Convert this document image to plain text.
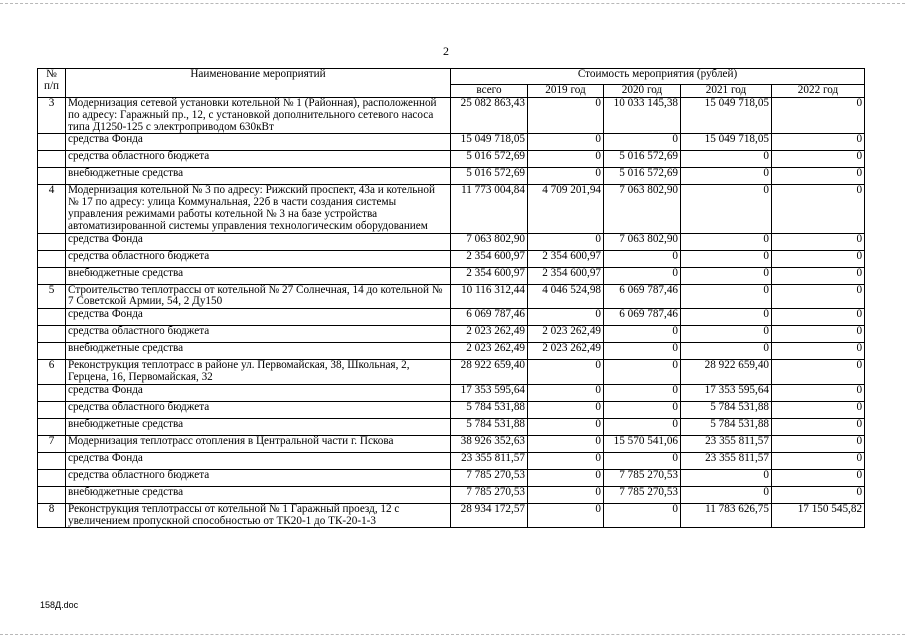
2
№
п/п	Наименование мероприятий	Стоимость мероприятия (рублей)				
		всего	2019 год	2020 год	2021 год	2022 год
3	Модернизация сетевой установки котельной № 1 (Районная), расположенной по адресу: Гаражный пр., 12, с установкой дополнительного сетевого насоса типа Д1250-125 с электроприводом 630кВт	25 082 863,43	0	10 033 145,38	15 049 718,05	0
	средства Фонда	15 049 718,05	0	0	15 049 718,05	0
	средства областного бюджета	5 016 572,69	0	5 016 572,69	0	0
	внебюджетные средства	5 016 572,69	0	5 016 572,69	0	0
4	Модернизация котельной № 3 по адресу: Рижский проспект, 43а и котельной № 17 по адресу: улица Коммунальная, 22б в части создания системы управления режимами работы котельной № 3 на базе устройства автоматизированной системы управления технологическим оборудованием	11 773 004,84	4 709 201,94	7 063 802,90	0	0
	средства Фонда	7 063 802,90	0	7 063 802,90	0	0
	средства областного бюджета	2 354 600,97	2 354 600,97	0	0	0
	внебюджетные средства	2 354 600,97	2 354 600,97	0	0	0
5	Строительство теплотрассы от котельной № 27 Солнечная, 14 до котельной № 7 Советской Армии, 54, 2 Ду150	10 116 312,44	4 046 524,98	6 069 787,46	0	0
	средства Фонда	6 069 787,46	0	6 069 787,46	0	0
	средства областного бюджета	2 023 262,49	2 023 262,49	0	0	0
	внебюджетные средства	2 023 262,49	2 023 262,49	0	0	0
6	Реконструкция теплотрасс в районе ул. Первомайская, 38, Школьная, 2, Герцена, 16, Первомайская, 32	28 922 659,40	0	0	28 922 659,40	0
	средства Фонда	17 353 595,64	0	0	17 353 595,64	0
	средства областного бюджета	5 784 531,88	0	0	5 784 531,88	0
	внебюджетные средства	5 784 531,88	0	0	5 784 531,88	0
7	Модернизация теплотрасс отопления в Центральной части г. Пскова	38 926 352,63	0	15 570 541,06	23 355 811,57	0
	средства Фонда	23 355 811,57	0	0	23 355 811,57	0
	средства областного бюджета	7 785 270,53	0	7 785 270,53	0	0
	внебюджетные средства	7 785 270,53	0	7 785 270,53	0	0
8	Реконструкция теплотрассы от котельной № 1 Гаражный проезд, 12 с увеличением пропускной способностью от ТК20-1 до ТК-20-1-3	28 934 172,57	0	0	11 783 626,75	17 150 545,82
158Д.doc
